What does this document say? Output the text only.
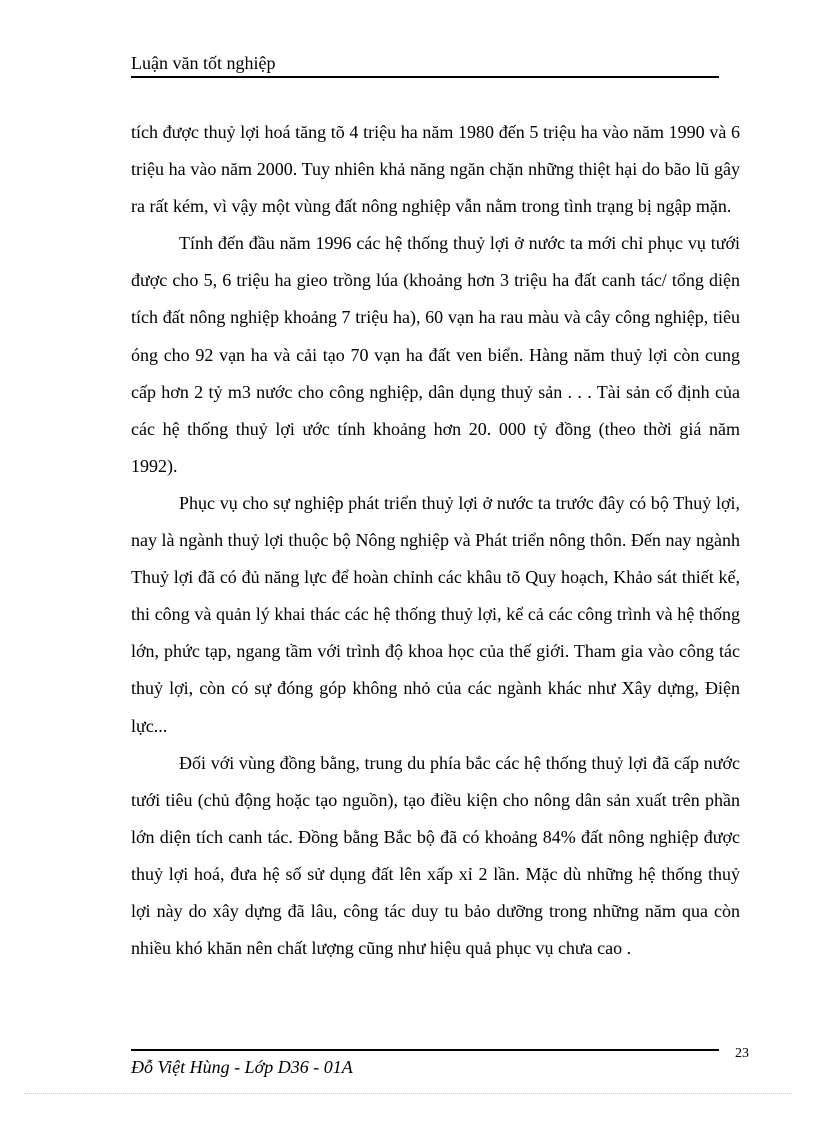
Luận văn tốt nghiệp

tích được thuỷ lợi hoá tăng tõ 4 triệu ha năm 1980 đến 5 triệu ha vào năm 1990 và 6 triệu ha vào năm 2000. Tuy nhiên khả năng ngăn chặn những thiệt hại do bão lũ gây ra rất kém, vì vậy một vùng đất nông nghiệp vẫn nằm trong tình trạng bị ngập mặn.

Tính đến đầu năm 1996 các hệ thống thuỷ lợi ở nước ta mới chỉ phục vụ tưới được cho 5, 6 triệu ha gieo trồng lúa (khoảng hơn 3 triệu ha đất canh tác/ tổng diện tích đất nông nghiệp khoảng 7 triệu ha), 60 vạn ha rau màu và cây công nghiệp, tiêu óng cho 92 vạn ha và cải tạo 70 vạn ha đất ven biển. Hàng năm thuỷ lợi còn cung cấp hơn 2 tỷ m3 nước cho công nghiệp, dân dụng thuỷ sản . . . Tài sản cố định của các hệ thống thuỷ lợi ước tính khoảng hơn 20. 000 tỷ đồng (theo thời giá năm 1992).

Phục vụ cho sự nghiệp phát triển thuỷ lợi ở nước ta trước đây có bộ Thuỷ lợi, nay là ngành thuỷ lợi thuộc bộ Nông nghiệp và Phát triển nông thôn. Đến nay ngành Thuỷ lợi đã có đủ năng lực để hoàn chỉnh các khâu tõ Quy hoạch, Khảo sát thiết kế, thi công và quản lý khai thác các hệ thống thuỷ lợi, kể cả các công trình và hệ thống lớn, phức tạp, ngang tầm với trình độ khoa học của thế giới. Tham gia vào công tác thuỷ lợi, còn có sự đóng góp không nhỏ của các ngành khác như Xây dựng, Điện lực...

Đối với vùng đồng bằng, trung du phía bắc các hệ thống thuỷ lợi đã cấp nước tưới tiêu (chủ động hoặc tạo nguồn), tạo điều kiện cho nông dân sản xuất trên phần lớn diện tích canh tác. Đồng bằng Bắc bộ đã có khoảng 84% đất nông nghiệp được thuỷ lợi hoá, đưa hệ số sử dụng đất lên xấp xỉ 2 lần. Mặc dù những hệ thống thuỷ lợi này do xây dựng đã lâu, công tác duy tu bảo dưỡng trong những năm qua còn nhiều khó khăn nên chất lượng cũng như hiệu quả phục vụ chưa cao .

Đỗ Việt Hùng - Lớp D36 - 01A
23
